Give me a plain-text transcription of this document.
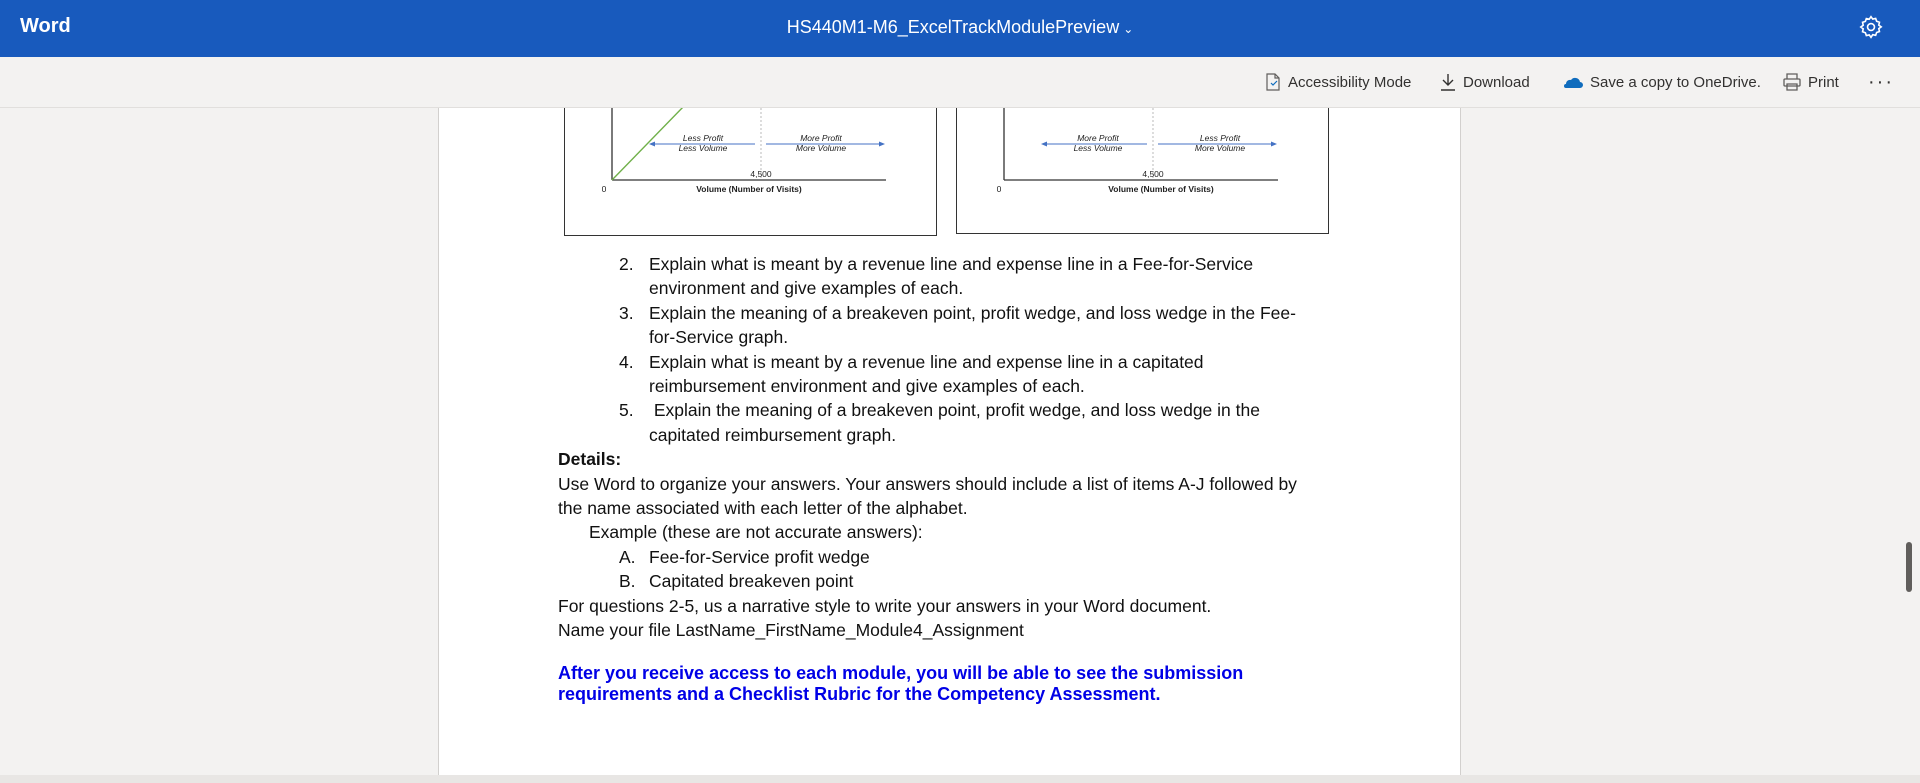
Word	HS440M1-M6_ExcelTrackModulePreview ⌄
Accessibility Mode	Download	Save a copy to OneDrive.	Print ···
Less Profit
Less Volume
More Profit
More Volume
4,500
0	Volume (Number of Visits)
More Profit
Less Volume
Less Profit
More Volume
4,500
0	Volume (Number of Visits)
2. Explain what is meant by a revenue line and expense line in a Fee-for-Service
environment and give examples of each.
3. Explain the meaning of a breakeven point, profit wedge, and loss wedge in the Fee-
for-Service graph.
4. Explain what is meant by a revenue line and expense line in a capitated
reimbursement environment and give examples of each.
5. Explain the meaning of a breakeven point, profit wedge, and loss wedge in the
capitated reimbursement graph.

Details:

Use Word to organize your answers. Your answers should include a list of items A-J followed by
the name associated with each letter of the alphabet.

Example (these are not accurate answers):

A. Fee-for-Service profit wedge
B. Capitated breakeven point

For questions 2-5, us a narrative style to write your answers in your Word document.

Name your file LastName_FirstName_Module4_Assignment

After you receive access to each module, you will be able to see the submission
requirements and a Checklist Rubric for the Competency Assessment.
